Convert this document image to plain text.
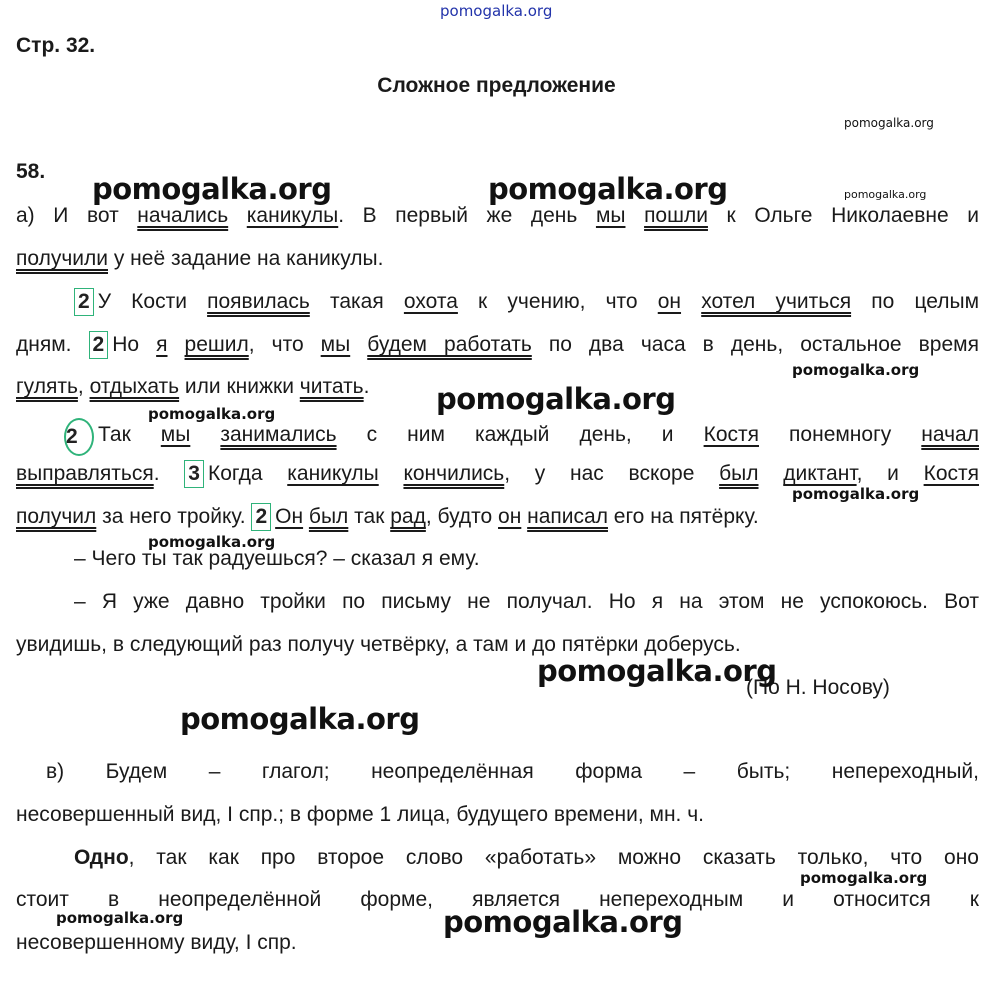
pomogalka.org
Стр. 32.
Сложное предложение
58.
а) И вот начались каникулы. В первый же день мы пошли к Ольге Николаевне и
получили у неё задание на каникулы.
2 У Кости появилась такая охота к учению, что он хотел учиться по целым
дням. 2 Но я решил, что мы будем работать по два часа в день, остальное время
гулять, отдыхать или книжки читать.
2 Так мы занимались с ним каждый день, и Костя понемногу начал
выправляться. 3 Когда каникулы кончились, у нас вскоре был диктант, и Костя
получил за него тройку. 2 Он был так рад, будто он написал его на пятёрку.
– Чего ты так радуешься? – сказал я ему.
– Я уже давно тройки по письму не получал. Но я на этом не успокоюсь. Вот
увидишь, в следующий раз получу четвёрку, а там и до пятёрки доберусь.
(По Н. Носову)
в) Будем – глагол; неопределённая форма – быть; непереходный,
несовершенный вид, I спр.; в форме 1 лица, будущего времени, мн. ч.
Одно, так как про второе слово «работать» можно сказать только, что оно
стоит в неопределённой форме, является непереходным и относится к
несовершенному виду, I спр.
pomogalka.org
pomogalka.org	pomogalka.org	pomogalka.org
pomogalka.org
pomogalka.org
pomogalka.org
pomogalka.org
pomogalka.org
pomogalka.org
pomogalka.org
pomogalka.org
pomogalka.org	pomogalka.org
